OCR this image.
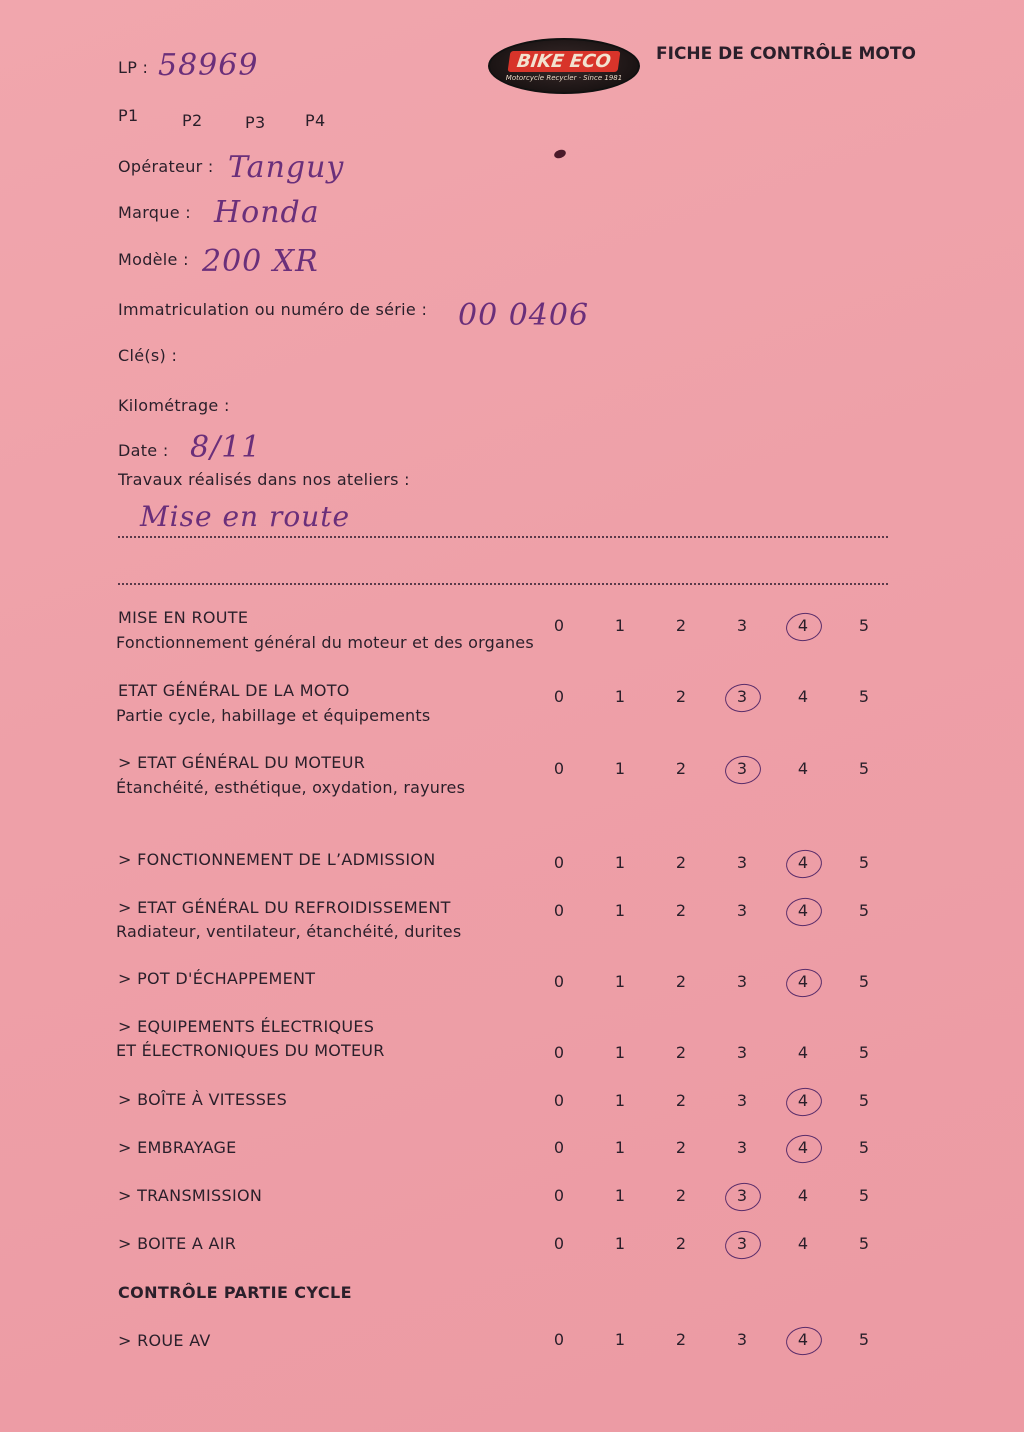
BIKE ECO
Motorcycle Recycler · Since 1981
FICHE DE CONTRÔLE MOTO
LP : 58969
P1	P2	P3 P4
Opérateur : Tanguy
Marque : Honda
Modèle : 200 XR
Immatriculation ou numéro de série : 00 0406
Clé(s) :
Kilométrage :
Date : 8/11
Travaux réalisés dans nos ateliers :
Mise en route
MISE EN ROUTE
Fonctionnement général du moteur et des organes
0	1	2	3	4	5
ETAT GÉNÉRAL DE LA MOTO
Partie cycle, habillage et équipements
0	1	2	3	4	5
> ETAT GÉNÉRAL DU MOTEUR
Étanchéité, esthétique, oxydation, rayures
0	1	2	3	4	5
> FONCTIONNEMENT DE L’ADMISSION	0	1	2	3	4	5
> ETAT GÉNÉRAL DU REFROIDISSEMENT
Radiateur, ventilateur, étanchéité, durites
0	1	2	3	4	5
> POT D'ÉCHAPPEMENT	0	1	2	3	4	5
> EQUIPEMENTS ÉLECTRIQUES
ET ÉLECTRONIQUES DU MOTEUR	0	1	2	3	4	5
> BOÎTE À VITESSES	0	1	2	3	4	5
> EMBRAYAGE	0	1	2	3	4	5
> TRANSMISSION	0	1	2	3	4	5
> BOITE A AIR	0	1	2	3	4	5
> ROUE AV	0	1	2	3	4	5
CONTRÔLE PARTIE CYCLE
